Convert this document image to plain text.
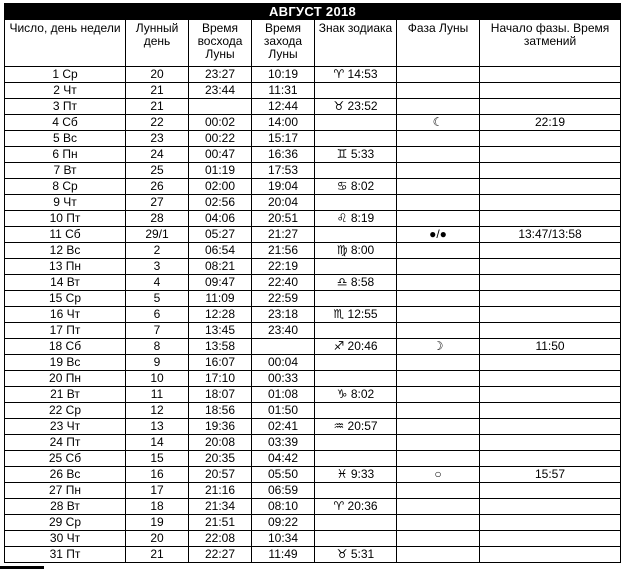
АВГУСТ 2018						
Число, день недели	Лунный день	Время восхода Луны	Время захода Луны	Знак зодиака	Фаза Луны	Начало фазы. Время затмений
1 Ср	20	23:27	10:19	♈ 14:53		
2 Чт	21	23:44	11:31			
3 Пт	21		12:44	♉ 23:52		
4 Сб	22	00:02	14:00		☾	22:19
5 Вс	23	00:22	15:17			
6 Пн	24	00:47	16:36	♊ 5:33		
7 Вт	25	01:19	17:53			
8 Ср	26	02:00	19:04	♋ 8:02		
9 Чт	27	02:56	20:04			
10 Пт	28	04:06	20:51	♌ 8:19		
11 Сб	29/1	05:27	21:27		●/●	13:47/13:58
12 Вс	2	06:54	21:56	♍ 8:00		
13 Пн	3	08:21	22:19			
14 Вт	4	09:47	22:40	♎ 8:58		
15 Ср	5	11:09	22:59			
16 Чт	6	12:28	23:18	♏ 12:55		
17 Пт	7	13:45	23:40			
18 Сб	8	13:58		♐ 20:46	☽	11:50
19 Вс	9	16:07	00:04			
20 Пн	10	17:10	00:33			
21 Вт	11	18:07	01:08	♑ 8:02		
22 Ср	12	18:56	01:50			
23 Чт	13	19:36	02:41	♒ 20:57		
24 Пт	14	20:08	03:39			
25 Сб	15	20:35	04:42			
26 Вс	16	20:57	05:50	♓ 9:33	○	15:57
27 Пн	17	21:16	06:59			
28 Вт	18	21:34	08:10	♈ 20:36		
29 Ср	19	21:51	09:22			
30 Чт	20	22:08	10:34			
31 Пт	21	22:27	11:49	♉ 5:31		
